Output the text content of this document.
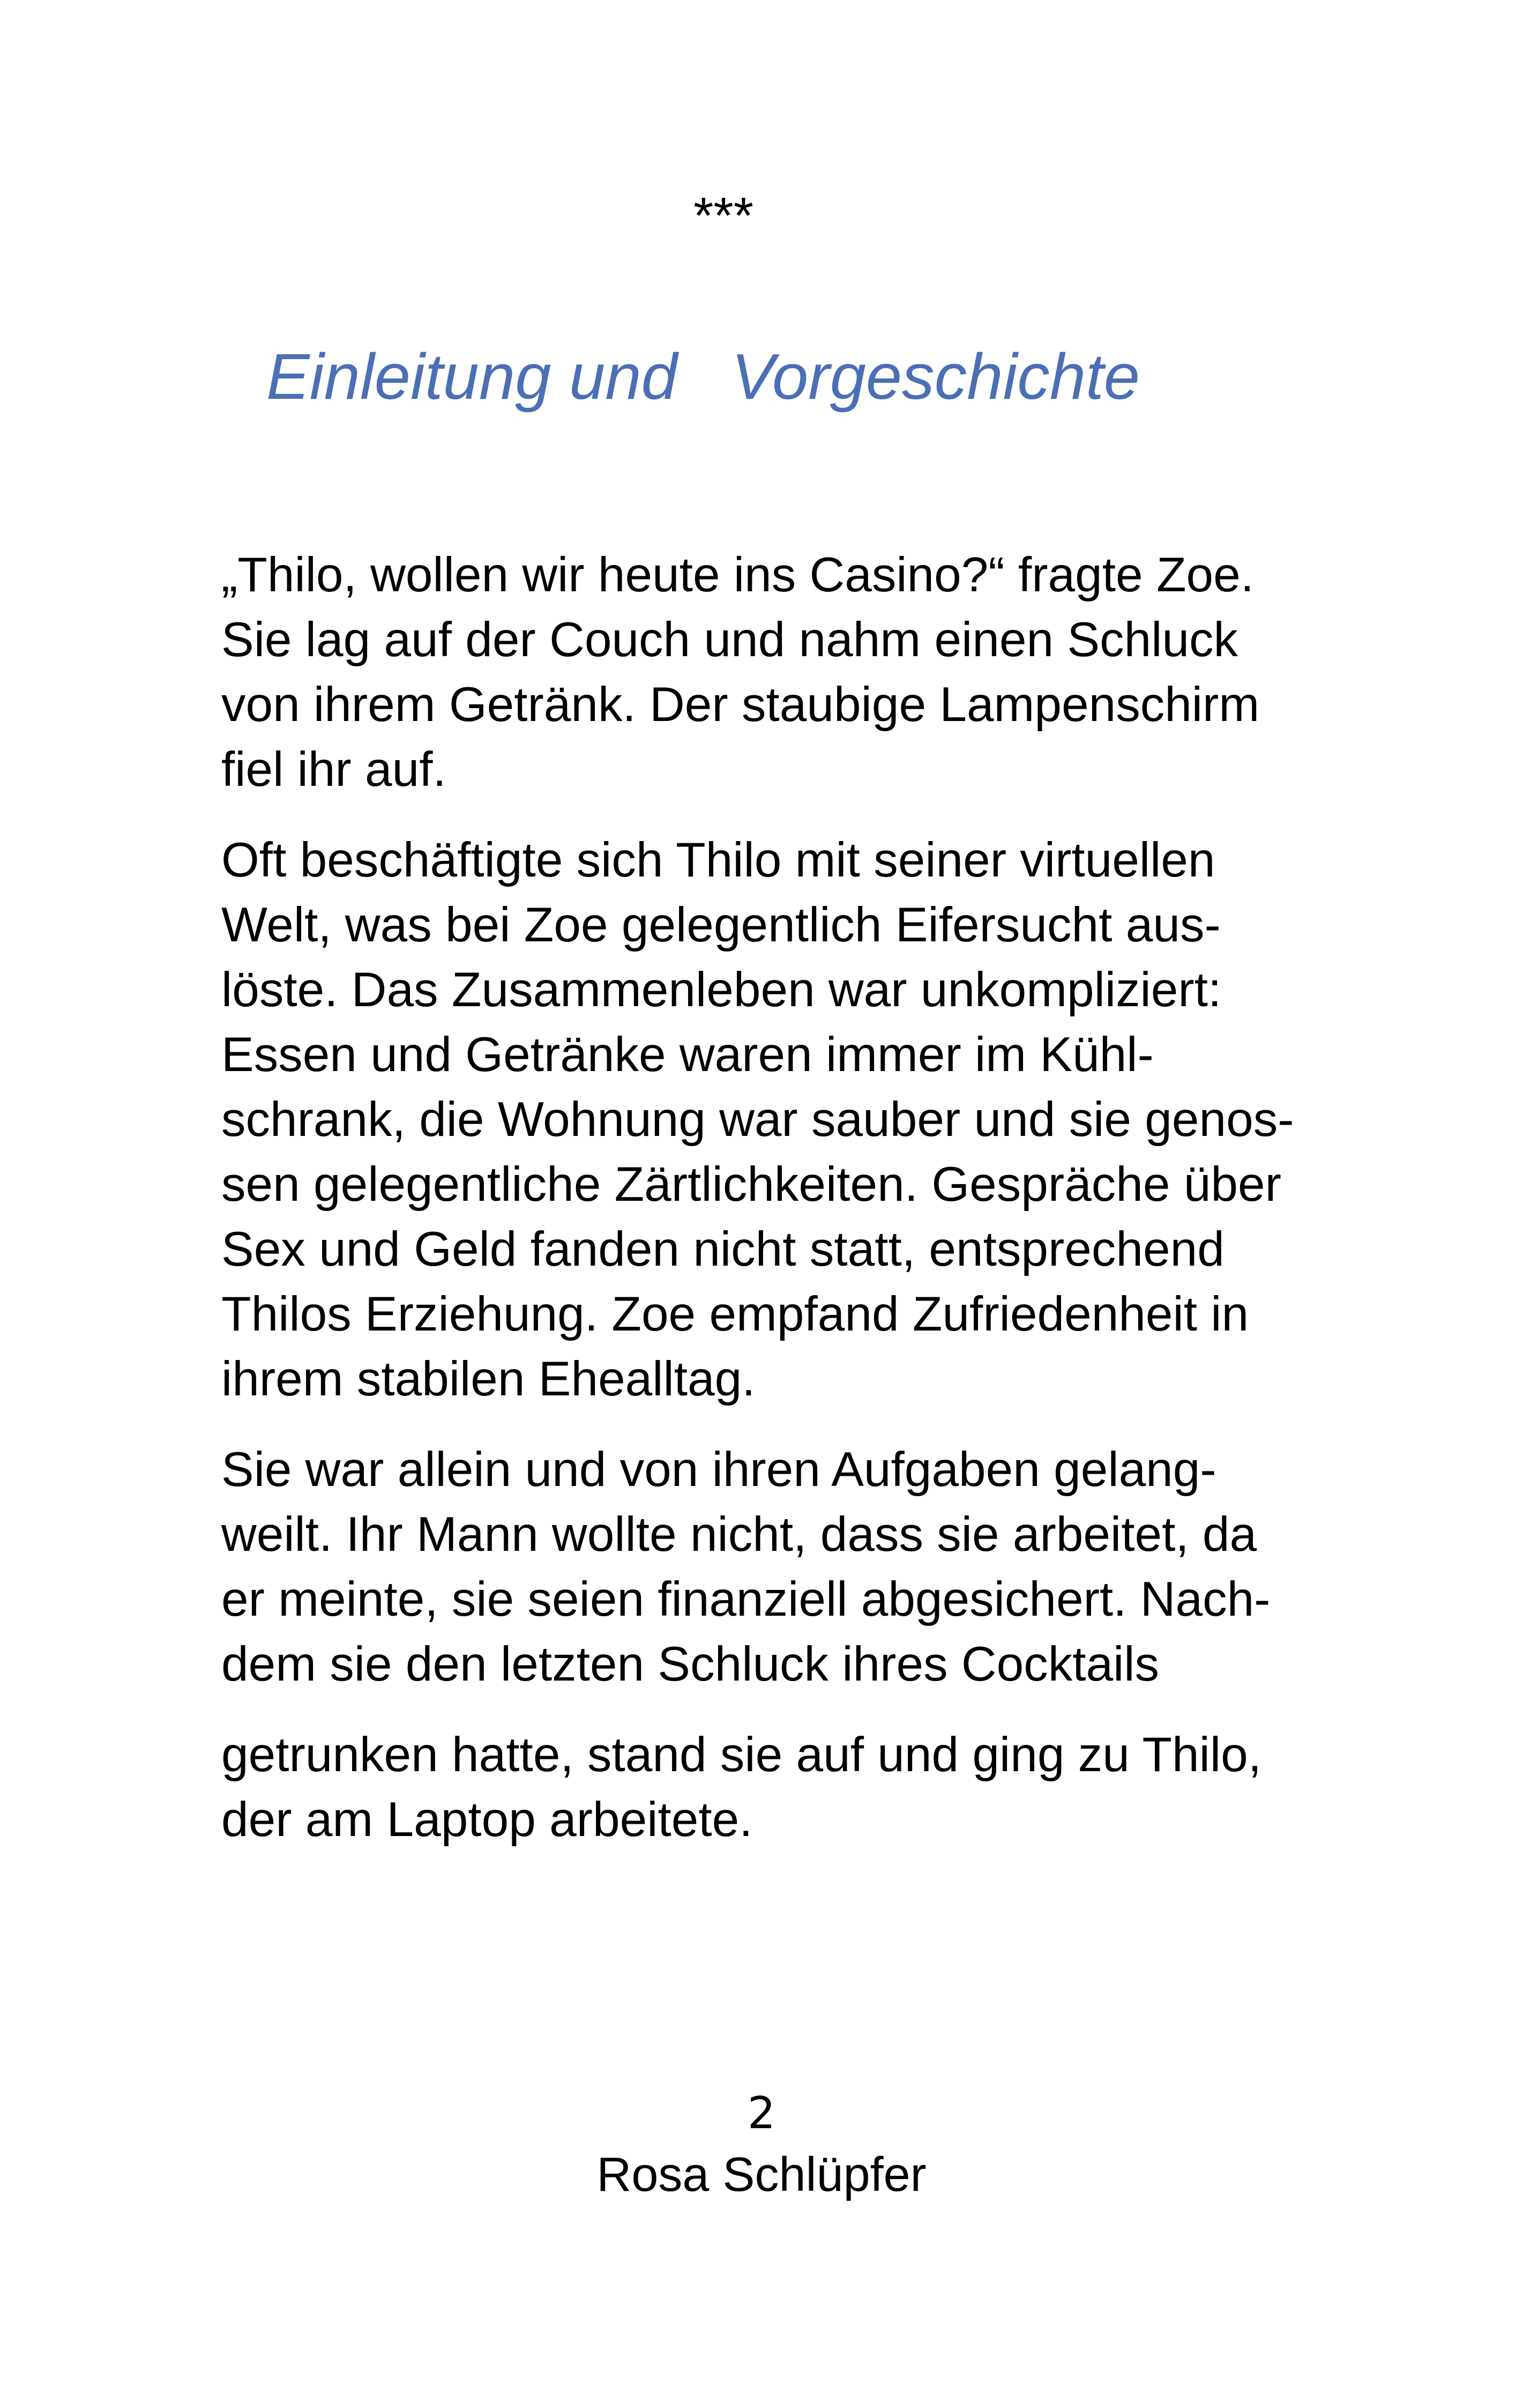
***
Einleitung und   Vorgeschichte

„Thilo, wollen wir heute ins Casino?“ fragte Zoe.
Sie lag auf der Couch und nahm einen Schluck
von ihrem Getränk. Der staubige Lampenschirm
fiel ihr auf.

Oft beschäftigte sich Thilo mit seiner virtuellen
Welt, was bei Zoe gelegentlich Eifersucht aus-
löste. Das Zusammenleben war unkompliziert:
Essen und Getränke waren immer im Kühl-
schrank, die Wohnung war sauber und sie genos-
sen gelegentliche Zärtlichkeiten. Gespräche über
Sex und Geld fanden nicht statt, entsprechend
Thilos Erziehung. Zoe empfand Zufriedenheit in
ihrem stabilen Ehealltag.

Sie war allein und von ihren Aufgaben gelang-
weilt. Ihr Mann wollte nicht, dass sie arbeitet, da
er meinte, sie seien finanziell abgesichert. Nach-
dem sie den letzten Schluck ihres Cocktails

getrunken hatte, stand sie auf und ging zu Thilo,
der am Laptop arbeitete.

2
Rosa Schlüpfer
